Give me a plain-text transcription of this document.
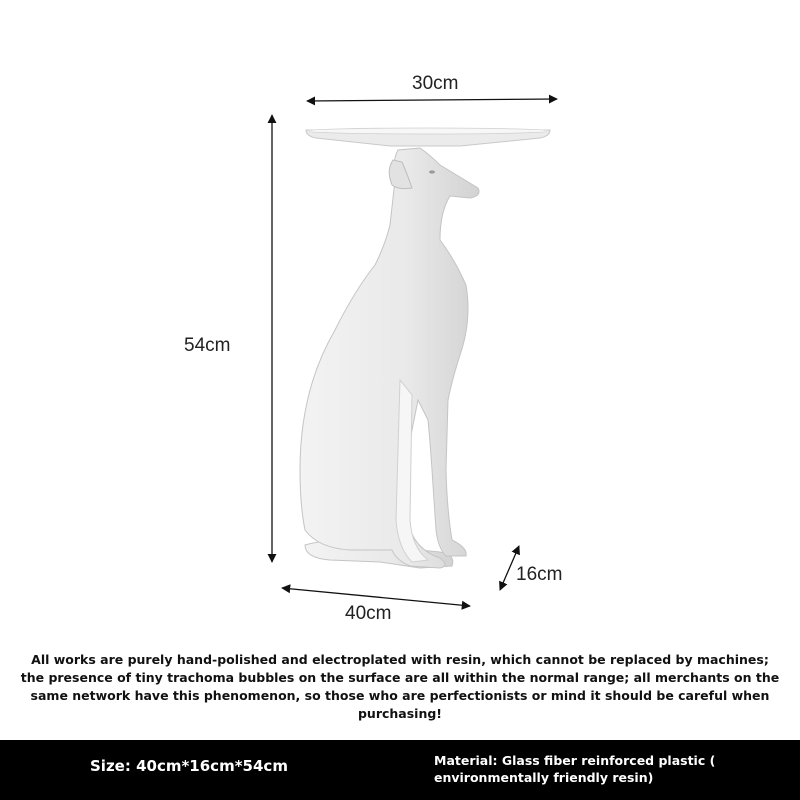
30cm
54cm
16cm
40cm
All works are purely hand-polished and electroplated with resin, which cannot be replaced by machines; the presence of tiny trachoma bubbles on the surface are all within the normal range; all merchants on the same network have this phenomenon, so those who are perfectionists or mind it should be careful when purchasing!
Size: 40cm*16cm*54cm	Material: Glass fiber reinforced plastic ( environmentally friendly resin)
